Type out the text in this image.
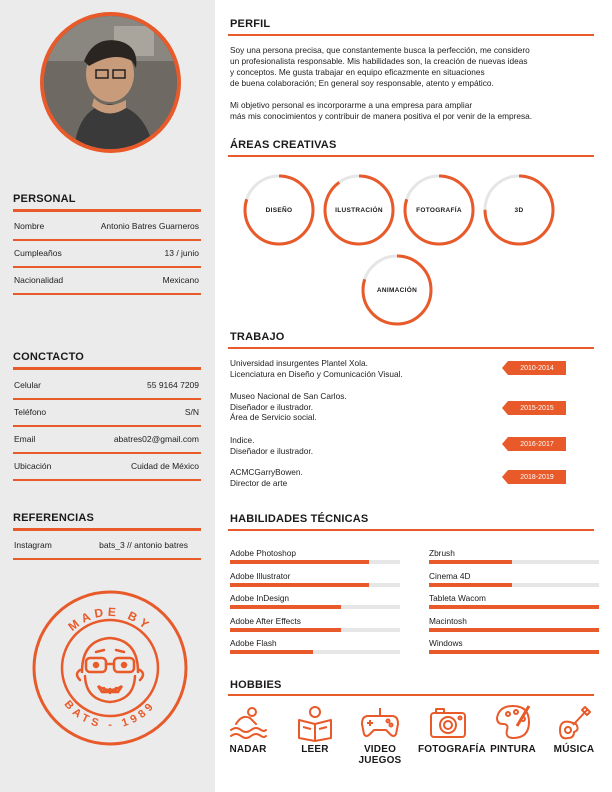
PERSONAL
Nombre	Antonio Batres Guarneros
Cumpleaños	13 / junio
Nacionalidad	Mexicano
CONCTACTO
Celular	55 9164 7209
Teléfono	S/N
Email	abatres02@gmail.com
Ubicación	Cuidad de México
REFERENCIAS
Instagram	bats_3 // antonio batres
MADE BY
BATS - 1989
PERFIL
Soy una persona precisa, que constantemente busca la perfección, me considero
un profesionalista responsable. Mis habilidades son, la creación de nuevas ideas
y conceptos. Me gusta trabajar en equipo eficazmente en situaciones
de buena colaboración; En general soy responsable, atento y empático.
Mi objetivo personal es incorporarme a una empresa para ampliar
más mis conocimientos y contribuir de manera positiva el por venir de la empresa.
ÁREAS CREATIVAS
DISEÑO	ILUSTRACIÓN	FOTOGRAFÍA	3D
ANIMACIÓN
TRABAJO
Universidad insurgentes Plantel Xola.
Licenciatura en Diseño y Comunicación Visual.
2010-2014
Museo Nacional de San Carlos.
Diseñador e ilustrador.
Área de Servicio social.
2015-2015
Indice.
Diseñador e ilustrador.
2016-2017
ACMCGarryBowen.
Director de arte
2018-2019
HABILIDADES TÉCNICAS
Adobe Photoshop
Adobe Illustrator
Adobe InDesign
Adobe After Effects
Adobe Flash
Zbrush
Cinema 4D
Tableta Wacom
Macintosh
Windows
HOBBIES
NADAR	LEER	VIDEO JUEGOS
FOTOGRAFÍA PINTURA	MÚSICA
